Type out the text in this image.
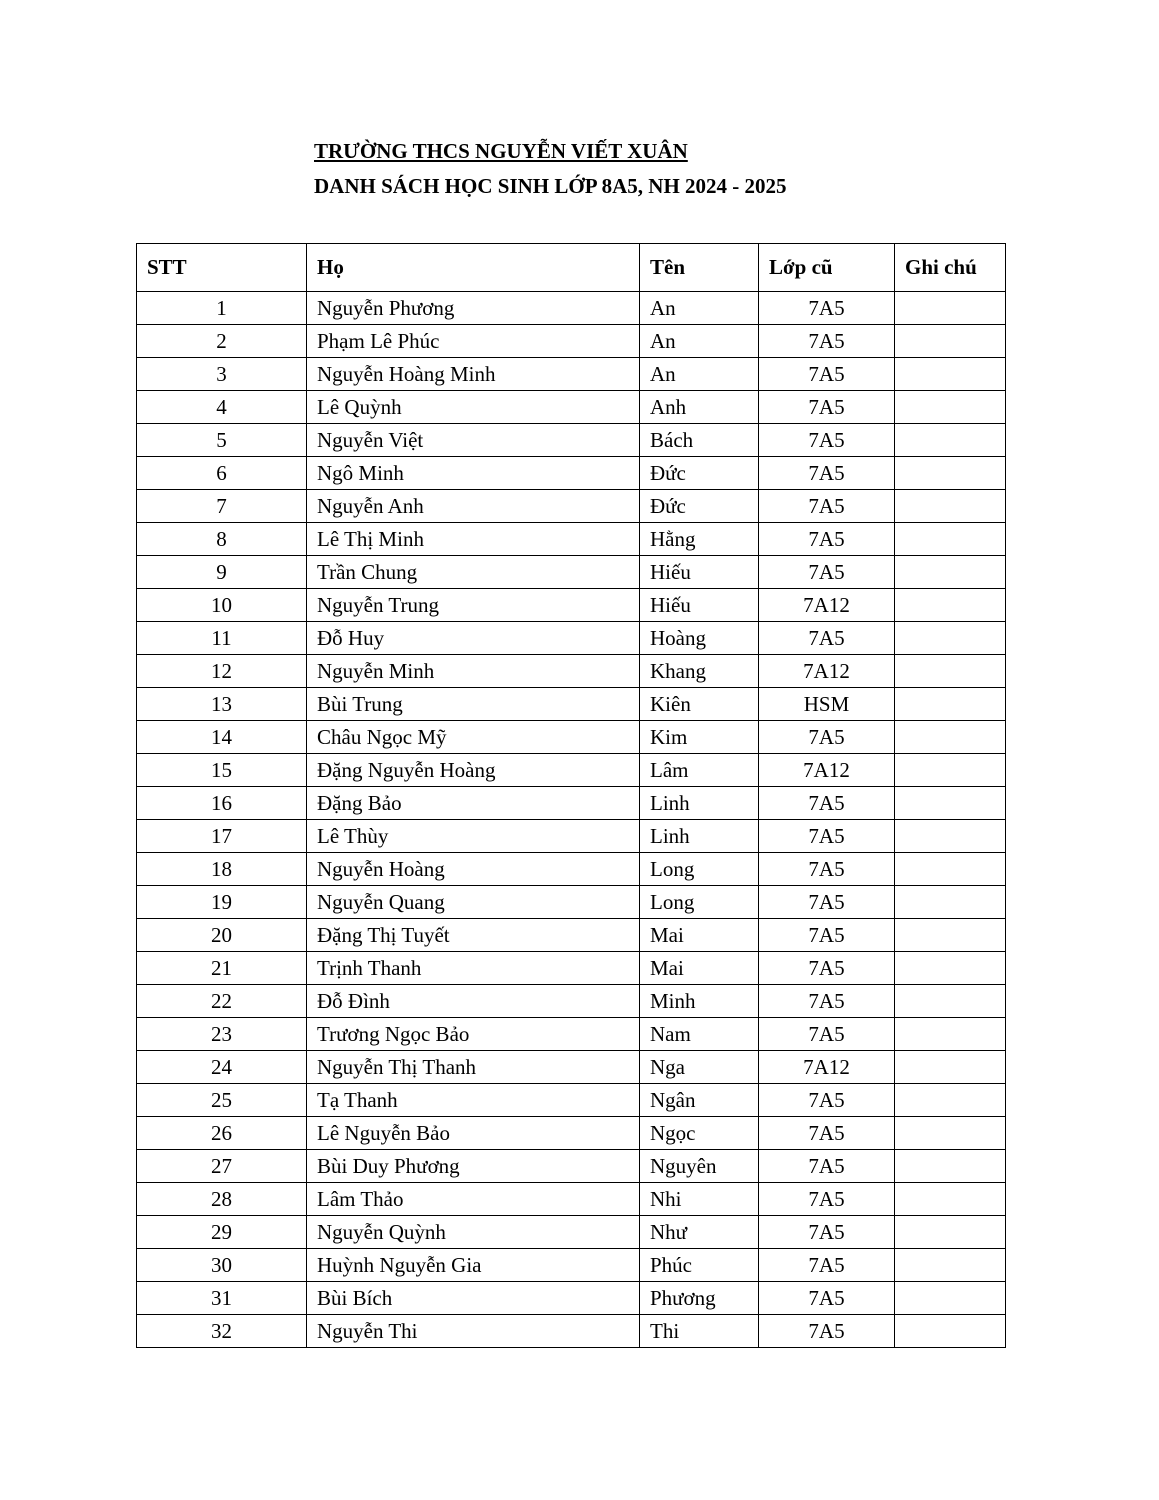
TRƯỜNG THCS NGUYỄN VIẾT XUÂN
DANH SÁCH HỌC SINH LỚP 8A5, NH 2024 - 2025
STT	Họ	Tên	Lớp cũ	Ghi chú
1	Nguyễn Phương	An	7A5	
2	Phạm Lê Phúc	An	7A5	
3	Nguyễn Hoàng Minh	An	7A5	
4	Lê Quỳnh	Anh	7A5	
5	Nguyễn Việt	Bách	7A5	
6	Ngô Minh	Đức	7A5	
7	Nguyễn Anh	Đức	7A5	
8	Lê Thị Minh	Hằng	7A5	
9	Trần Chung	Hiếu	7A5	
10	Nguyễn Trung	Hiếu	7A12	
11	Đỗ Huy	Hoàng	7A5	
12	Nguyễn Minh	Khang	7A12	
13	Bùi Trung	Kiên	HSM	
14	Châu Ngọc Mỹ	Kim	7A5	
15	Đặng Nguyễn Hoàng	Lâm	7A12	
16	Đặng Bảo	Linh	7A5	
17	Lê Thùy	Linh	7A5	
18	Nguyễn Hoàng	Long	7A5	
19	Nguyễn Quang	Long	7A5	
20	Đặng Thị Tuyết	Mai	7A5	
21	Trịnh Thanh	Mai	7A5	
22	Đỗ Đình	Minh	7A5	
23	Trương Ngọc Bảo	Nam	7A5	
24	Nguyễn Thị Thanh	Nga	7A12	
25	Tạ Thanh	Ngân	7A5	
26	Lê Nguyễn Bảo	Ngọc	7A5	
27	Bùi Duy Phương	Nguyên	7A5	
28	Lâm Thảo	Nhi	7A5	
29	Nguyễn Quỳnh	Như	7A5	
30	Huỳnh Nguyễn Gia	Phúc	7A5	
31	Bùi Bích	Phương	7A5	
32	Nguyễn Thi	Thi	7A5	
